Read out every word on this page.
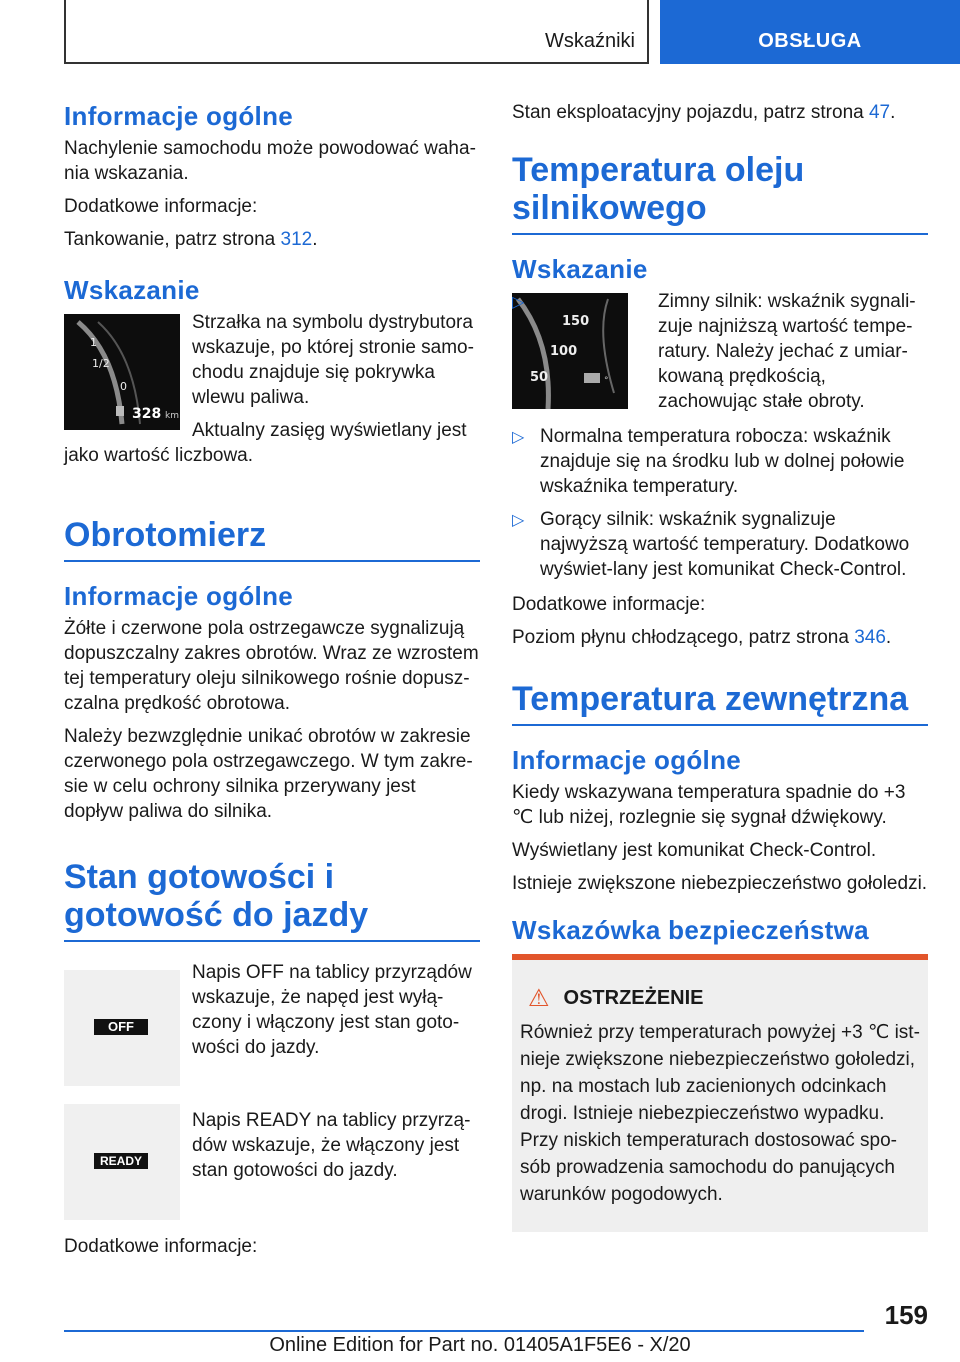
Wskaźniki	OBSŁUGA
Informacje ogólne

Nachylenie samochodu może powodować waha-nia wskazania.

Dodatkowe informacje:

Tankowanie, patrz strona 312.

Wskazanie
1
1/2
0
328 km

Strzałka na symbolu dystrybutora wskazuje, po której stronie samo-chodu znajduje się pokrywka wlewu paliwa.

Aktualny zasięg wyświetlany jest jako wartość liczbowa.

Obrotomierz
Informacje ogólne

Żółte i czerwone pola ostrzegawcze sygnalizują dopuszczalny zakres obrotów. Wraz ze wzrostem tej temperatury oleju silnikowego rośnie dopusz-czalna prędkość obrotowa.

Należy bezwzględnie unikać obrotów w zakresie czerwonego pola ostrzegawczego. W tym zakre-sie w celu ochrony silnika przerywany jest dopływ paliwa do silnika.

Stan gotowości i gotowość do jazdy
OFF

Napis OFF na tablicy przyrządów wskazuje, że napęd jest wyłą-czony i włączony jest stan goto-wości do jazdy.

READY

Napis READY na tablicy przyrzą-dów wskazuje, że włączony jest stan gotowości do jazdy.

Dodatkowe informacje:

Stan eksploatacyjny pojazdu, patrz strona 47.

Temperatura oleju silnikowego
Wskazanie
150
100
50	°
▷	Zimny silnik: wskaźnik sygnali-zuje najniższą wartość tempe-ratury. Należy jechać z umiar-kowaną prędkością, zachowując stałe obroty.
▷ Normalna temperatura robocza: wskaźnik znajduje się na środku lub w dolnej połowie wskaźnika temperatury.
▷ Gorący silnik: wskaźnik sygnalizuje najwyższą wartość temperatury. Dodatkowo wyświet-lany jest komunikat Check-Control.

Dodatkowe informacje:

Poziom płynu chłodzącego, patrz strona 346.

Temperatura zewnętrzna
Informacje ogólne

Kiedy wskazywana temperatura spadnie do +3 ℃ lub niżej, rozlegnie się sygnał dźwiękowy.

Wyświetlany jest komunikat Check-Control.

Istnieje zwiększone niebezpieczeństwo gołoledzi.

Wskazówka bezpieczeństwa
⚠ OSTRZEŻENIE

Również przy temperaturach powyżej +3 ℃ ist-nieje zwiększone niebezpieczeństwo gołoledzi, np. na mostach lub zacienionych odcinkach drogi. Istnieje niebezpieczeństwo wypadku. Przy niskich temperaturach dostosować spo-sób prowadzenia samochodu do panujących warunków pogodowych.

159
Online Edition for Part no. 01405A1F5E6 - X/20
